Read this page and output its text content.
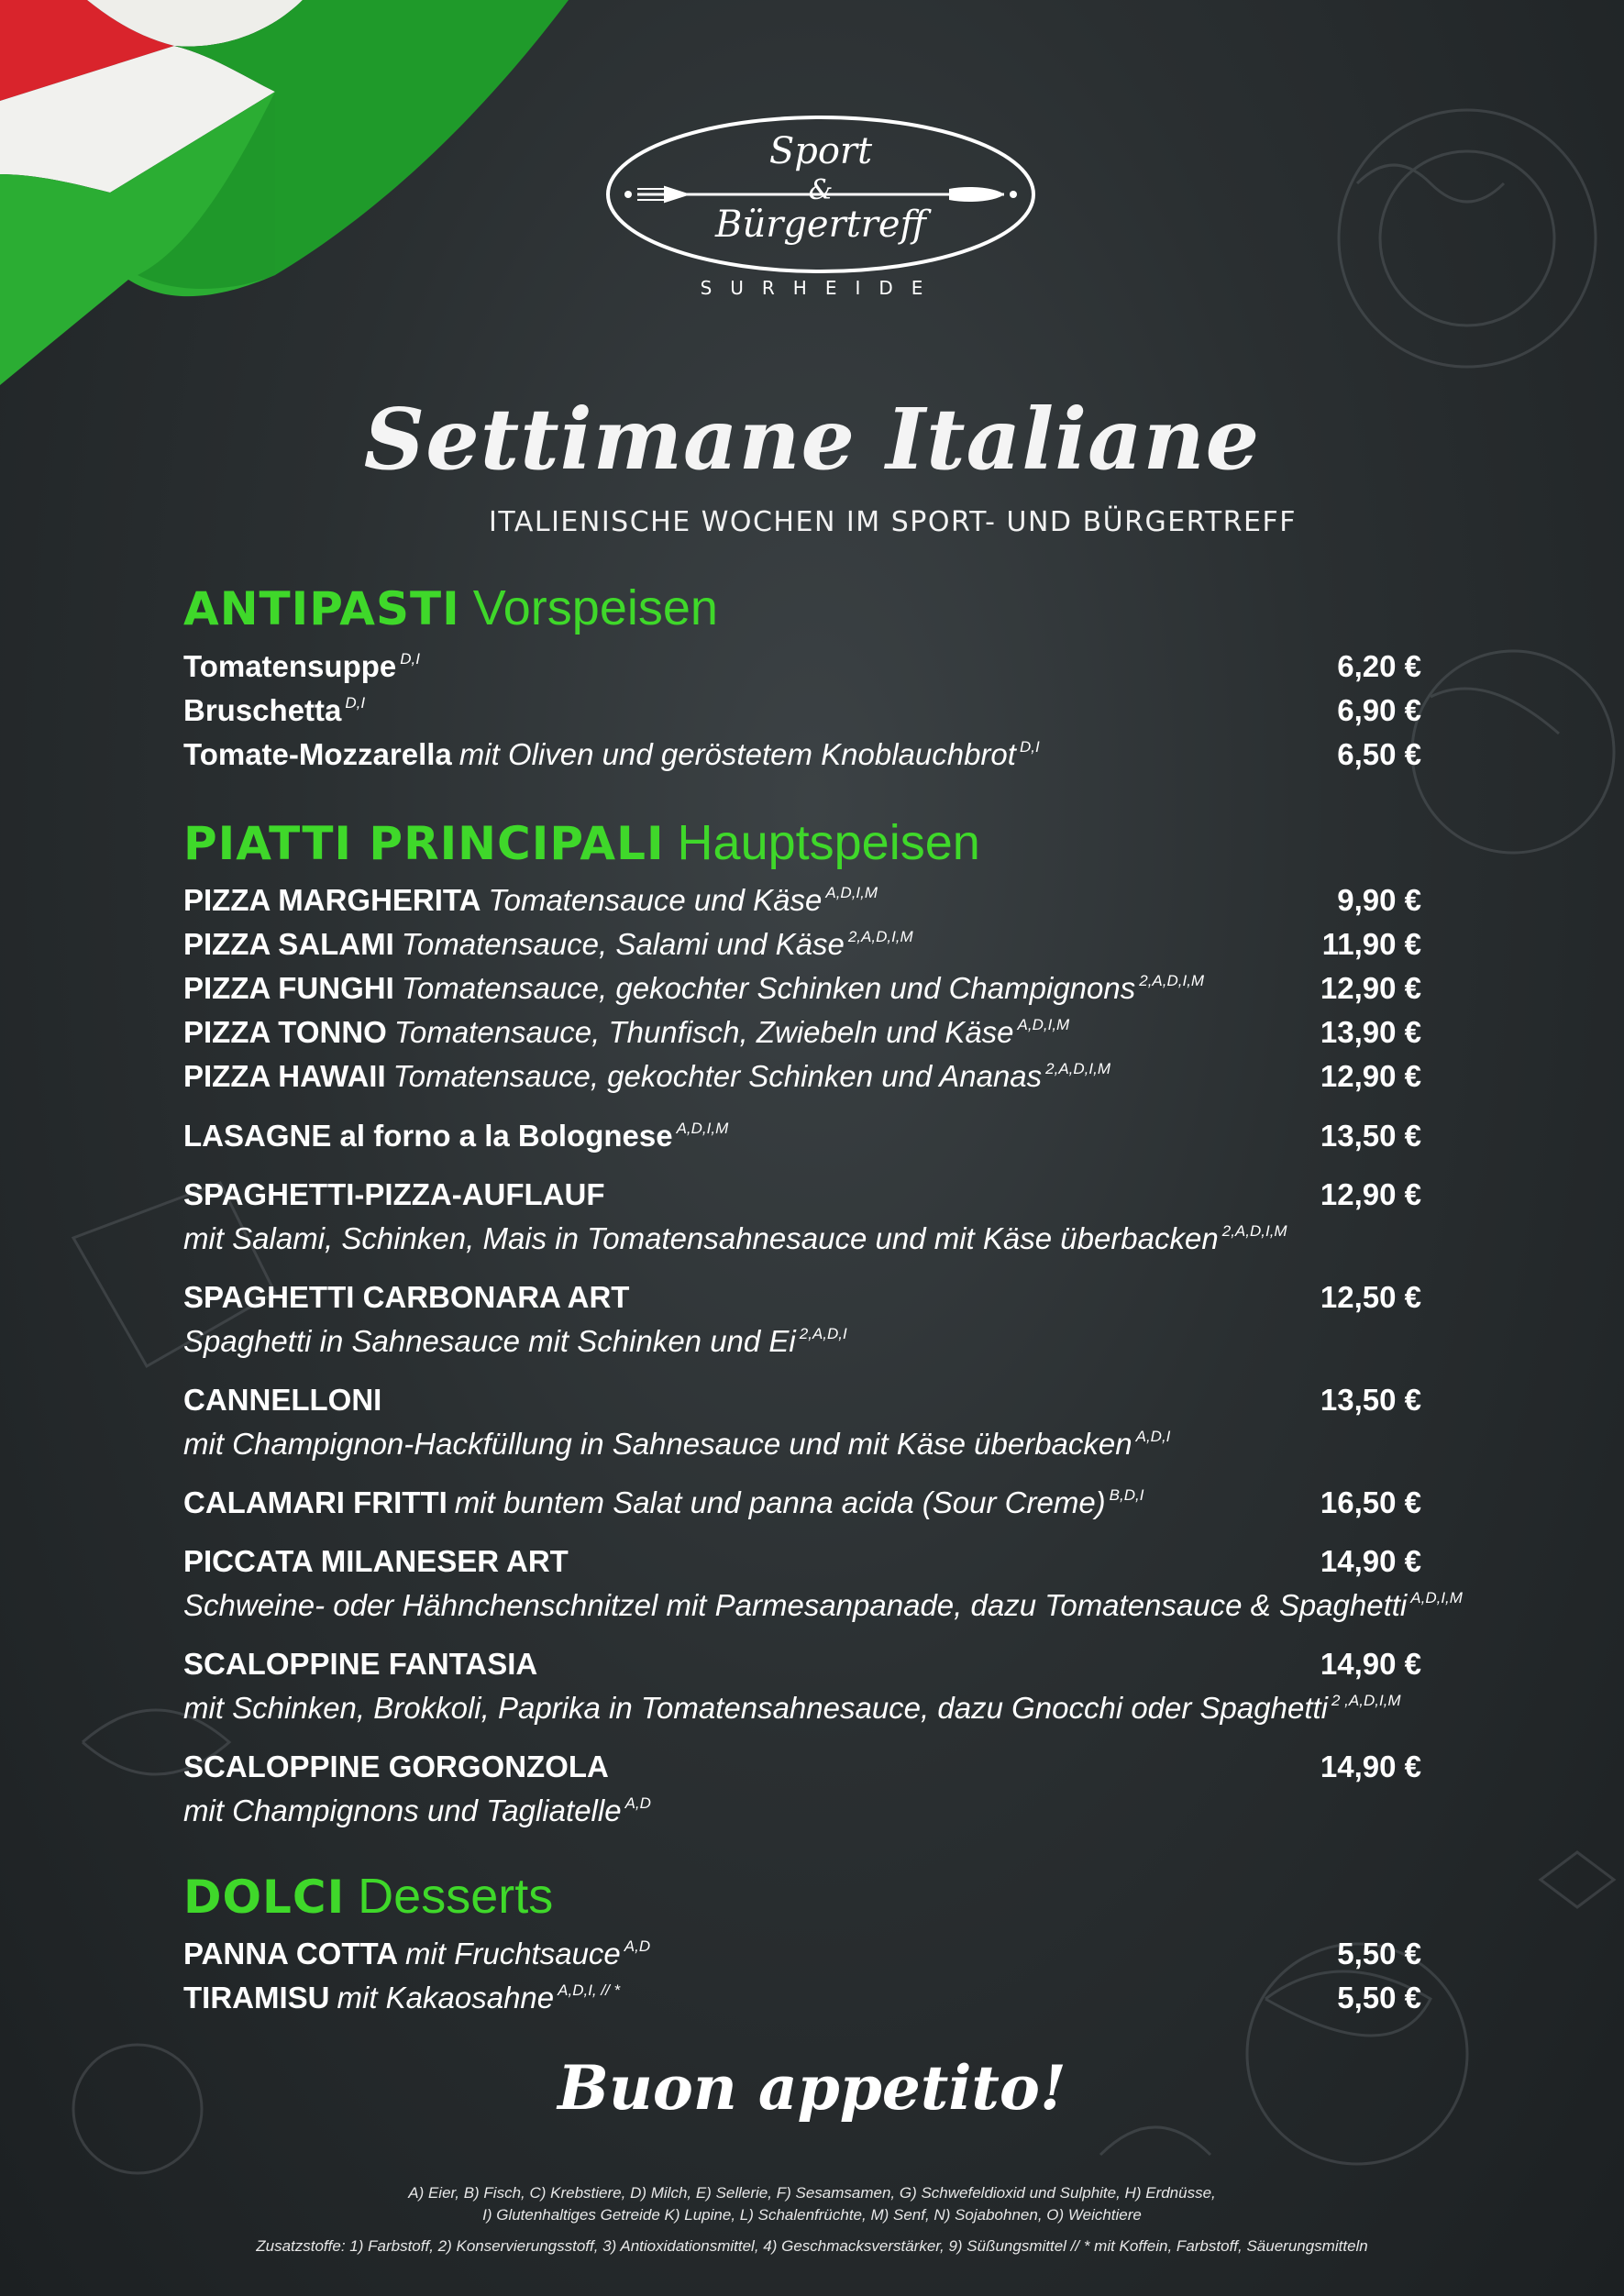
Sport
&
Bürgertreff
SURHEIDE
Settimane Italiane
ITALIENISCHE WOCHEN IM SPORT- UND BÜRGERTREFF
ANTIPASTI Vorspeisen
Tomatensuppe $^{D,I}$	6,20 €
Bruschetta $^{D,I}$	6,90 €
Tomate-Mozzarella mit Oliven und geröstetem Knoblauchbrot $^{D,I}$	6,50 €
PIATTI PRINCIPALI Hauptspeisen
PIZZA MARGHERITA Tomatensauce und Käse $^{A,D,I,M}$	9,90 €
PIZZA SALAMI Tomatensauce, Salami und Käse $^{2,A,D,I,M}$	11,90 €
PIZZA FUNGHI Tomatensauce, gekochter Schinken und Champignons $^{2,A,D,I,M}$	12,90 €
PIZZA TONNO Tomatensauce, Thunfisch, Zwiebeln und Käse $^{A,D,I,M}$	13,90 €
PIZZA HAWAII Tomatensauce, gekochter Schinken und Ananas $^{2,A,D,I,M}$	12,90 €
LASAGNE al forno a la Bolognese $^{A,D,I,M}$	13,50 €
SPAGHETTI-PIZZA-AUFLAUF	12,90 €
mit Salami, Schinken, Mais in Tomatensahnesauce und mit Käse überbacken $^{2,A,D,I,M}$
SPAGHETTI CARBONARA ART	12,50 €
Spaghetti in Sahnesauce mit Schinken und Ei $^{2,A,D,I}$
CANNELLONI	13,50 €
mit Champignon-Hackfüllung in Sahnesauce und mit Käse überbacken $^{A,D,I}$
CALAMARI FRITTI mit buntem Salat und panna acida (Sour Creme) $^{B,D,I}$	16,50 €
PICCATA MILANESER ART	14,90 €
Schweine- oder Hähnchenschnitzel mit Parmesanpanade, dazu Tomatensauce & Spaghetti $^{A,D,I,M}$
SCALOPPINE FANTASIA	14,90 €
mit Schinken, Brokkoli, Paprika in Tomatensahnesauce, dazu Gnocchi oder Spaghetti $^{2 ,A,D,I,M}$
SCALOPPINE GORGONZOLA	14,90 €
mit Champignons und Tagliatelle $^{A,D}$
DOLCI Desserts
PANNA COTTA mit Fruchtsauce $^{A,D}$	5,50 €
TIRAMISU mit Kakaosahne $^{A,D,I, // *}$	5,50 €
Buon appetito!
A) Eier, B) Fisch, C) Krebstiere, D) Milch, E) Sellerie, F) Sesamsamen, G) Schwefeldioxid und Sulphite, H) Erdnüsse,
I) Glutenhaltiges Getreide K) Lupine, L) Schalenfrüchte, M) Senf, N) Sojabohnen, O) Weichtiere
Zusatzstoffe: 1) Farbstoff, 2) Konservierungsstoff, 3) Antioxidationsmittel, 4) Geschmacksverstärker, 9) Süßungsmittel // * mit Koffein, Farbstoff, Säuerungsmitteln
